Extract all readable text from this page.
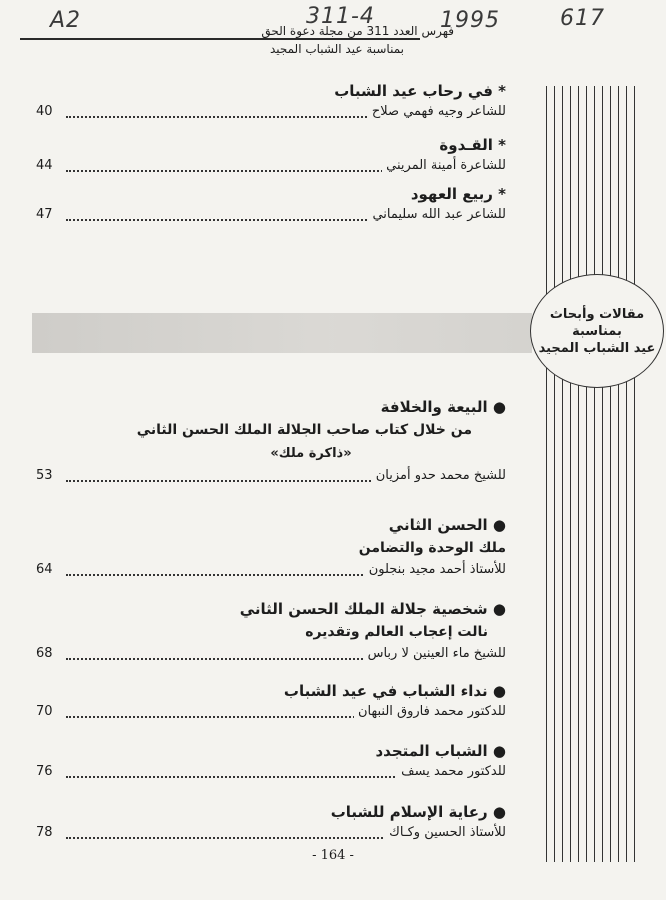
A2	311-4	1995	617
فهرس العدد 311 من مجلة دعوة الحق
بمناسبة عيد الشباب المجيد
مقالات وأبحاث
بمناسبة
عيد الشباب المجيد
* في رحاب عيد الشباب
للشاعر وجيه فهمي صلاح
40
* القـدوة
للشاعرة أمينة المريني
44
* ربيع العهود
للشاعر عبد الله سليماني
47
● البيعة والخلافة
من خلال كتاب صاحب الجلالة الملك الحسن الثاني
«ذاكرة ملك»
للشيخ محمد حدو أمزيان
53
● الحسن الثاني
ملك الوحدة والتضامن
للأستاذ أحمد مجيد بنجلون
64
● شخصية جلالة الملك الحسن الثاني
نالت إعجاب العالم وتقديره
للشيخ ماء العينين لا رباس
68
● نداء الشباب في عيد الشباب
للدكتور محمد فاروق النبهان
70
● الشباب المتجدد
للدكتور محمد يسف
76
● رعاية الإسلام للشباب
للأستاذ الحسين وكـاك
78
- 164 -
